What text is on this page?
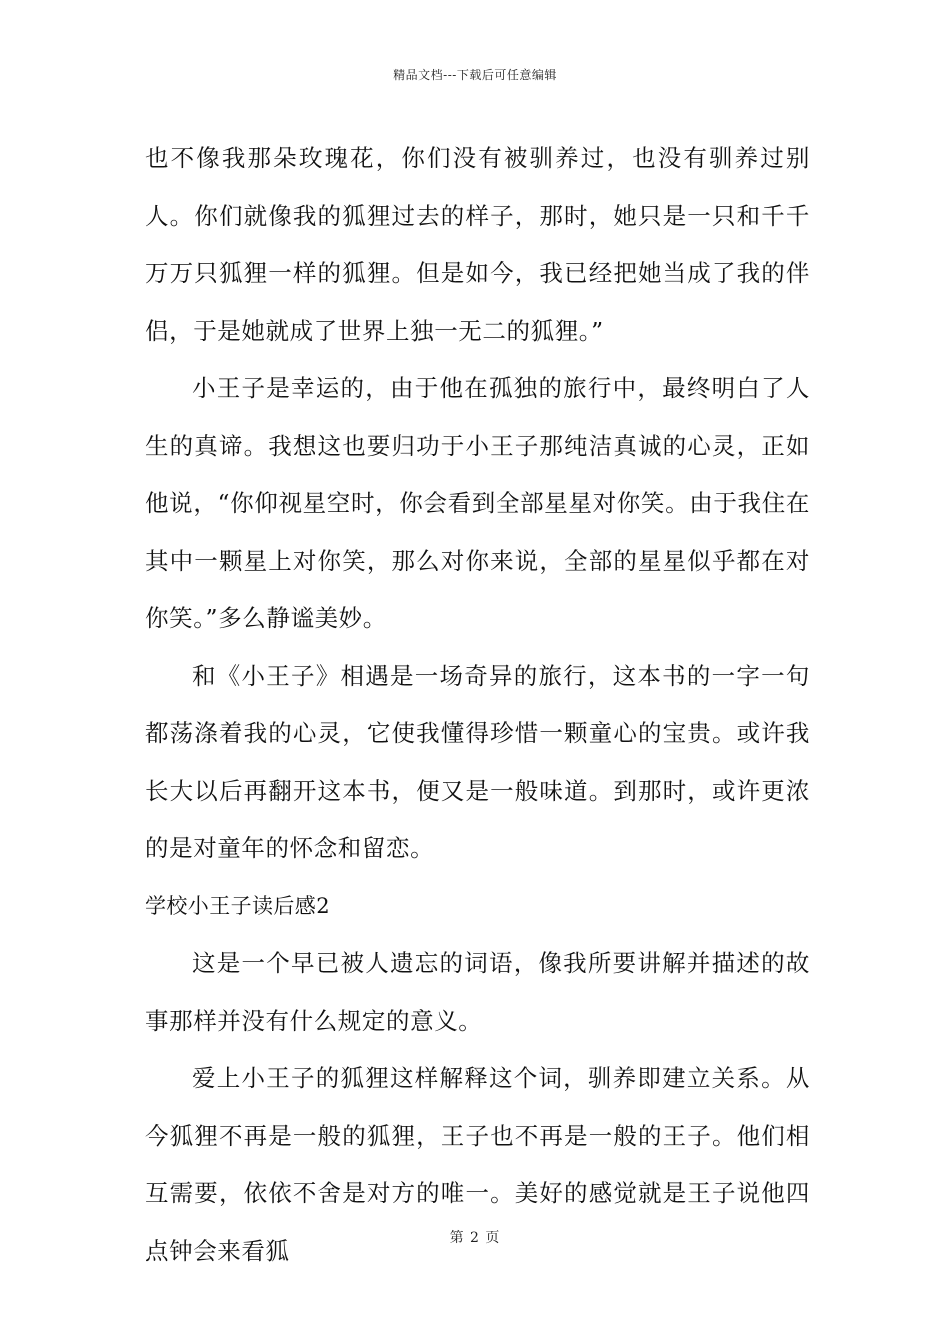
精品文档---下载后可任意编辑

也不像我那朵玫瑰花，你们没有被驯养过，也没有驯养过别人。你们就像我的狐狸过去的样子，那时，她只是一只和千千万万只狐狸一样的狐狸。但是如今，我已经把她当成了我的伴侣，于是她就成了世界上独一无二的狐狸。”

小王子是幸运的，由于他在孤独的旅行中，最终明白了人生的真谛。我想这也要归功于小王子那纯洁真诚的心灵，正如他说，“你仰视星空时，你会看到全部星星对你笑。由于我住在其中一颗星上对你笑，那么对你来说，全部的星星似乎都在对你笑。”多么静谧美妙。

和《小王子》相遇是一场奇异的旅行，这本书的一字一句都荡涤着我的心灵，它使我懂得珍惜一颗童心的宝贵。或许我长大以后再翻开这本书，便又是一般味道。到那时，或许更浓的是对童年的怀念和留恋。

学校小王子读后感2

这是一个早已被人遗忘的词语，像我所要讲解并描述的故事那样并没有什么规定的意义。

爱上小王子的狐狸这样解释这个词，驯养即建立关系。从今狐狸不再是一般的狐狸，王子也不再是一般的王子。他们相互需要，依依不舍是对方的唯一。美好的感觉就是王子说他四点钟会来看狐	第 2 页
